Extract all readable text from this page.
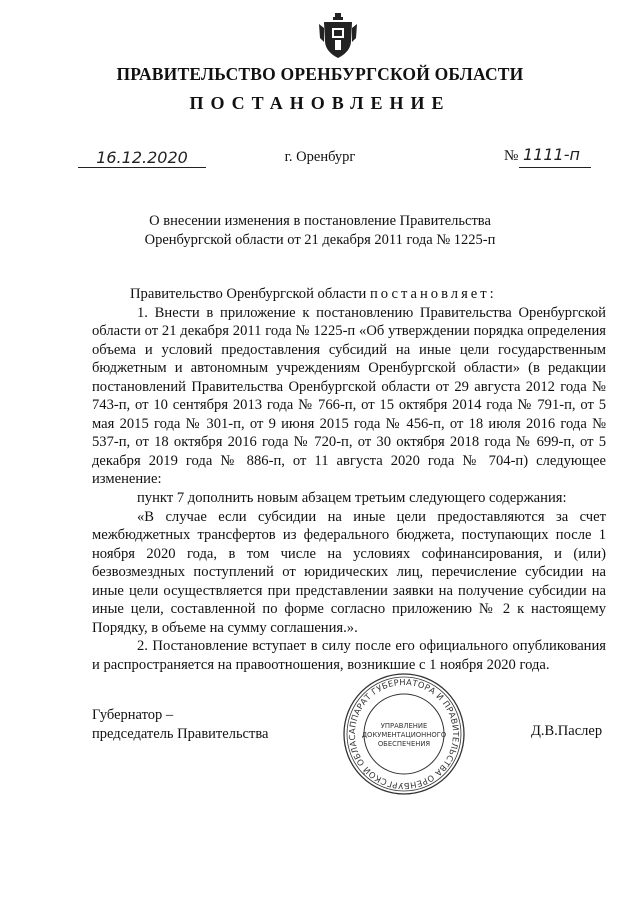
ПРАВИТЕЛЬСТВО ОРЕНБУРГСКОЙ ОБЛАСТИ
ПОСТАНОВЛЕНИЕ
16.12.2020	г. Оренбург	№ 1111-п
О внесении изменения в постановление Правительства
Оренбургской области от 21 декабря 2011 года № 1225-п

Правительство Оренбургской области постановляет:

1. Внести в приложение к постановлению Правительства Оренбургской области от 21 декабря 2011 года № 1225-п «Об утверждении порядка определения объема и условий предоставления субсидий на иные цели государственным бюджетным и автономным учреждениям Оренбургской области» (в редакции постановлений Правительства Оренбургской области от 29 августа 2012 года № 743-п, от 10 сентября 2013 года № 766-п, от 15 октября 2014 года № 791-п, от 5 мая 2015 года № 301-п, от 9 июня 2015 года № 456-п, от 18 июля 2016 года № 537-п, от 18 октября 2016 года № 720-п, от 30 октября 2018 года № 699-п, от 5 декабря 2019 года № 886-п, от 11 августа 2020 года № 704-п) следующее изменение:

пункт 7 дополнить новым абзацем третьим следующего содержания:

«В случае если субсидии на иные цели предоставляются за счет межбюджетных трансфертов из федерального бюджета, поступающих после 1 ноября 2020 года, в том числе на условиях софинансирования, и (или) безвозмездных поступлений от юридических лиц, перечисление субсидии на иные цели осуществляется при представлении заявки на получение субсидии на иные цели, составленной по форме согласно приложению № 2 к настоящему Порядку, в объеме на сумму соглашения.».

2. Постановление вступает в силу после его официального опубликования и распространяется на правоотношения, возникшие с 1 ноября 2020 года.

Губернатор –
председатель Правительства	Д.В.Паслер
АППАРАТ ГУБЕРНАТОРА И ПРАВИТЕЛЬСТВА ОРЕНБУРГСКОЙ ОБЛАС
УПРАВЛЕНИЕ
ДОКУМЕНТАЦИОННОГО
ОБЕСПЕЧЕНИЯ
